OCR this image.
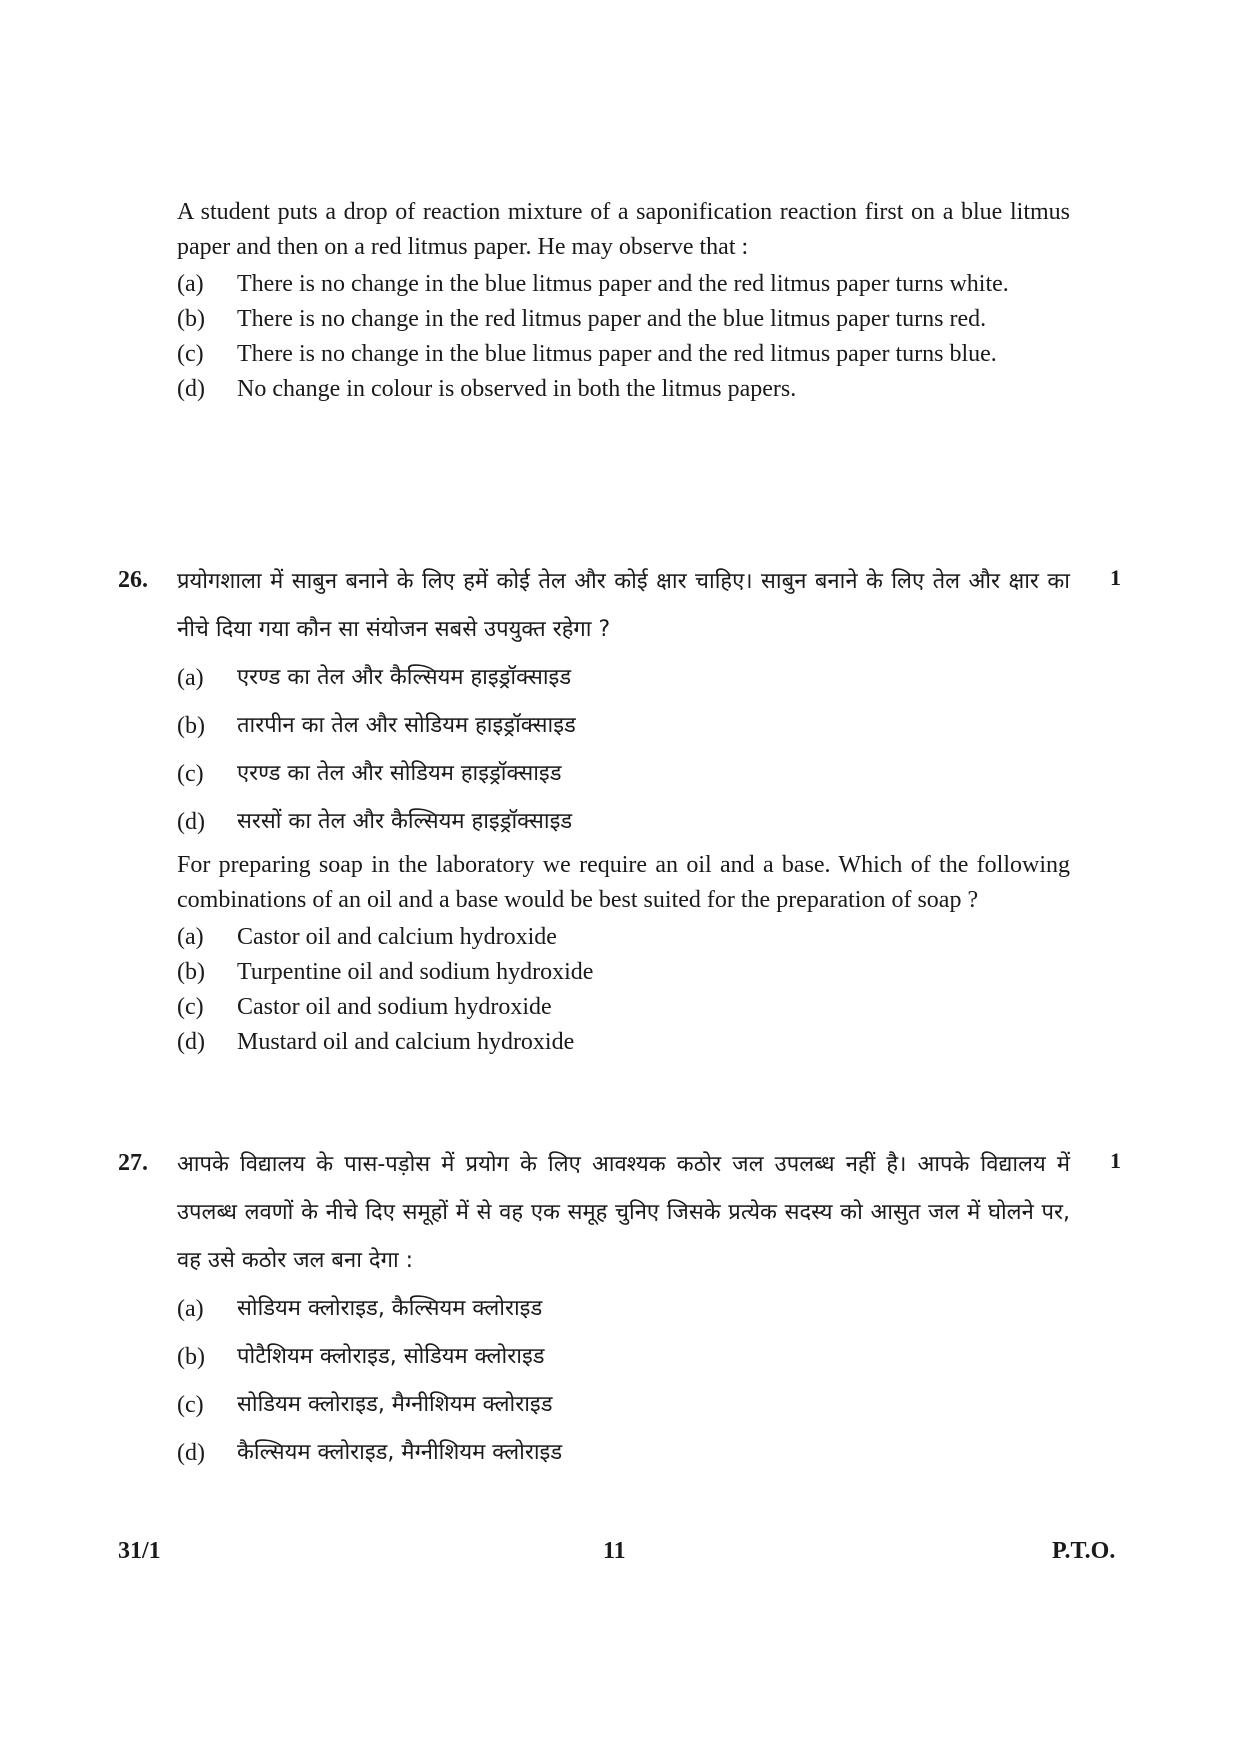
A student puts a drop of reaction mixture of a saponification reaction first on a blue litmus paper and then on a red litmus paper. He may observe that :

(a)	There is no change in the blue litmus paper and the red litmus paper turns white.
(b)	There is no change in the red litmus paper and the blue litmus paper turns red.
(c)	There is no change in the blue litmus paper and the red litmus paper turns blue.
(d)	No change in colour is observed in both the litmus papers.
26.	1

प्रयोगशाला में साबुन बनाने के लिए हमें कोई तेल और कोई क्षार चाहिए। साबुन बनाने के लिए तेल और क्षार का नीचे दिया गया कौन सा संयोजन सबसे उपयुक्त रहेगा ?

(a)	एरण्ड का तेल और कैल्सियम हाइड्रॉक्साइड
(b)	तारपीन का तेल और सोडियम हाइड्रॉक्साइड
(c)	एरण्ड का तेल और सोडियम हाइड्रॉक्साइड
(d)	सरसों का तेल और कैल्सियम हाइड्रॉक्साइड

For preparing soap in the laboratory we require an oil and a base. Which of the following combinations of an oil and a base would be best suited for the preparation of soap ?

(a)	Castor oil and calcium hydroxide
(b)	Turpentine oil and sodium hydroxide
(c)	Castor oil and sodium hydroxide
(d)	Mustard oil and calcium hydroxide
27.	1

आपके विद्यालय के पास-पड़ोस में प्रयोग के लिए आवश्यक कठोर जल उपलब्ध नहीं है। आपके विद्यालय में उपलब्ध लवणों के नीचे दिए समूहों में से वह एक समूह चुनिए जिसके प्रत्येक सदस्य को आसुत जल में घोलने पर, वह उसे कठोर जल बना देगा :

(a)	सोडियम क्लोराइड, कैल्सियम क्लोराइड
(b)	पोटैशियम क्लोराइड, सोडियम क्लोराइड
(c)	सोडियम क्लोराइड, मैग्नीशियम क्लोराइड
(d)	कैल्सियम क्लोराइड, मैग्नीशियम क्लोराइड
31/1	11	P.T.O.
